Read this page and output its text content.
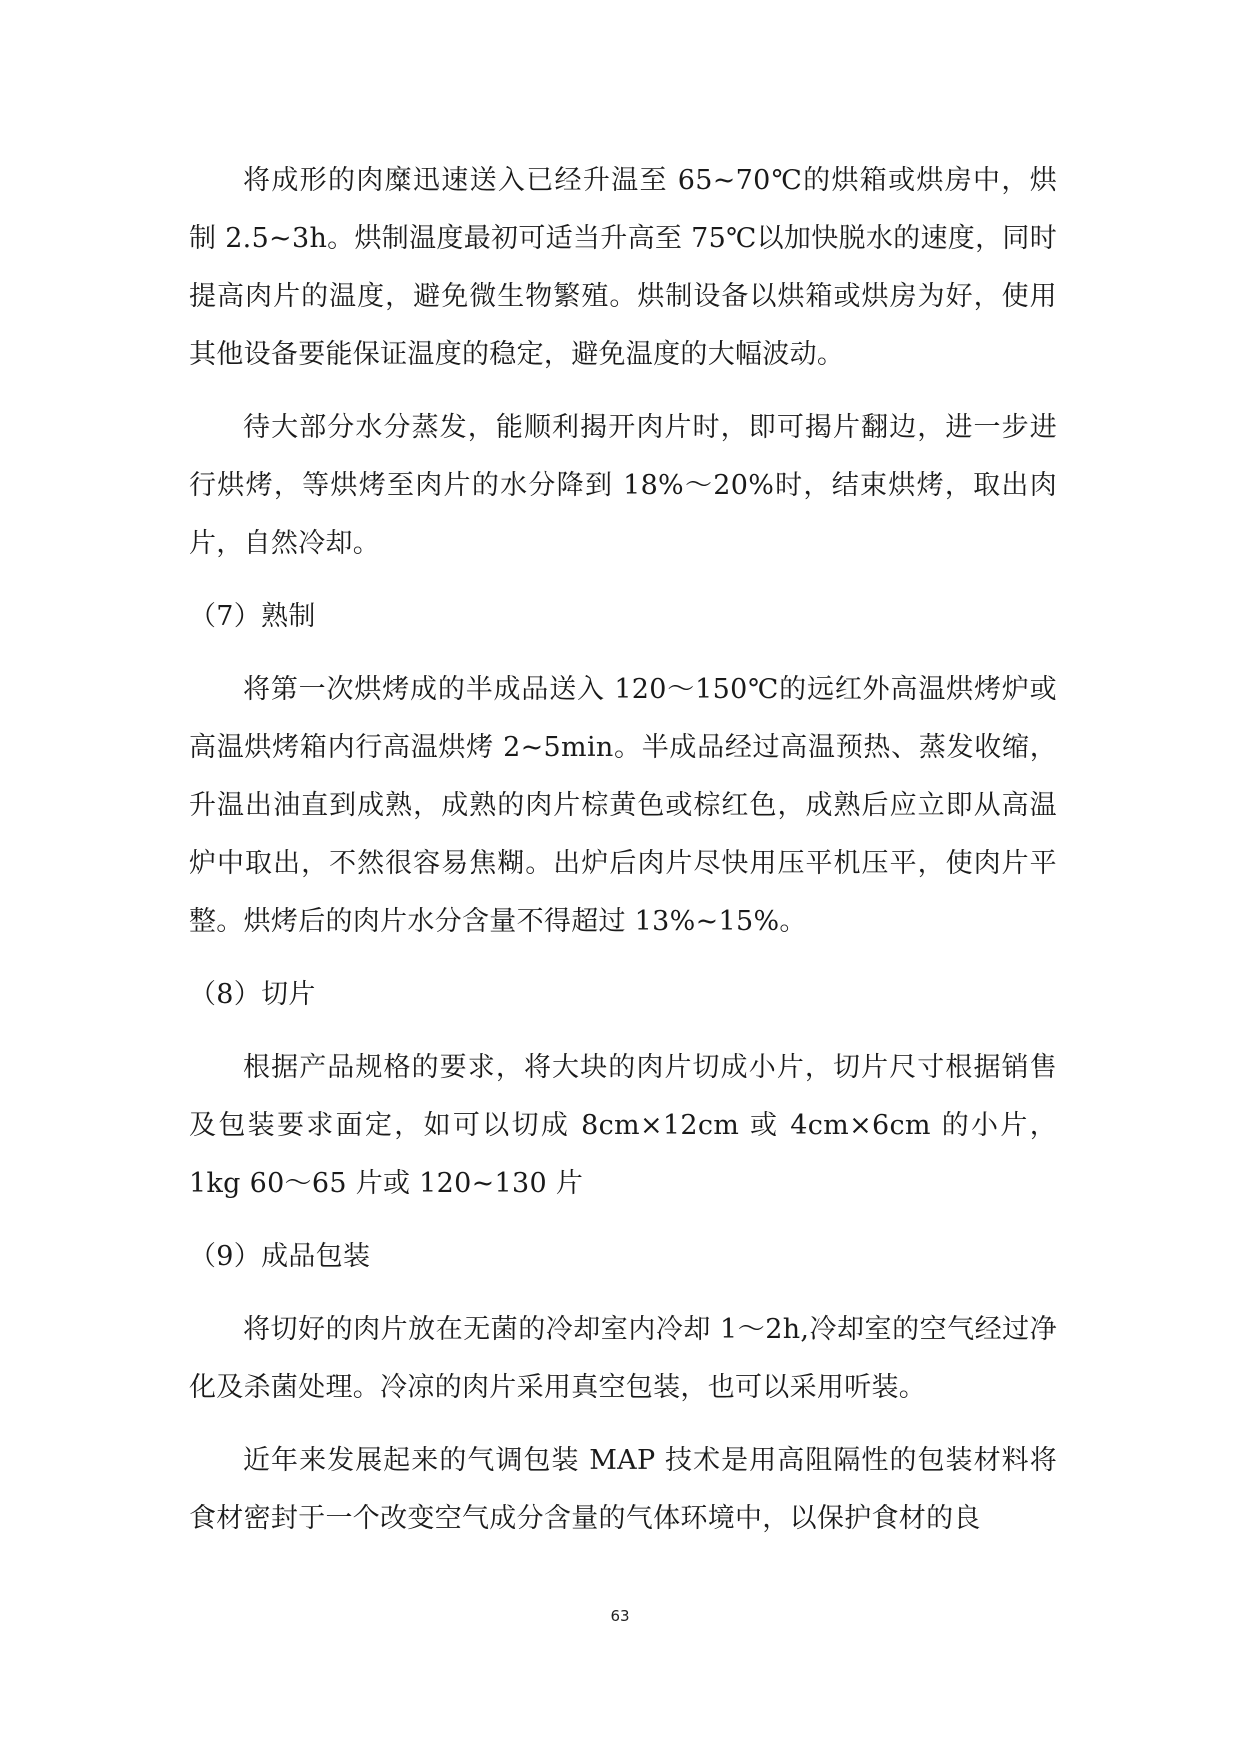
将成形的肉糜迅速送入已经升温至 65~70℃的烘箱或烘房中，烘制 2.5~3h。烘制温度最初可适当升高至 75℃以加快脱水的速度，同时提高肉片的温度，避免微生物繁殖。烘制设备以烘箱或烘房为好，使用其他设备要能保证温度的稳定，避免温度的大幅波动。

待大部分水分蒸发，能顺利揭开肉片时，即可揭片翻边，进一步进行烘烤，等烘烤至肉片的水分降到 18%～20%时，结束烘烤，取出肉片，自然冷却。

（7）熟制

将第一次烘烤成的半成品送入 120～150℃的远红外高温烘烤炉或高温烘烤箱内行高温烘烤 2~5min。半成品经过高温预热、蒸发收缩，升温出油直到成熟，成熟的肉片棕黄色或棕红色，成熟后应立即从高温炉中取出，不然很容易焦糊。出炉后肉片尽快用压平机压平，使肉片平整。烘烤后的肉片水分含量不得超过 13%~15%。

（8）切片

根据产品规格的要求，将大块的肉片切成小片，切片尺寸根据销售及包装要求面定，如可以切成 8cm×12cm 或 4cm×6cm 的小片，1kg 60～65 片或 120~130 片

（9）成品包装

将切好的肉片放在无菌的冷却室内冷却 1～2h,冷却室的空气经过净化及杀菌处理。冷凉的肉片采用真空包装，也可以采用听装。

近年来发展起来的气调包装 MAP 技术是用高阻隔性的包装材料将食材密封于一个改变空气成分含量的气体环境中，以保护食材的良

63
